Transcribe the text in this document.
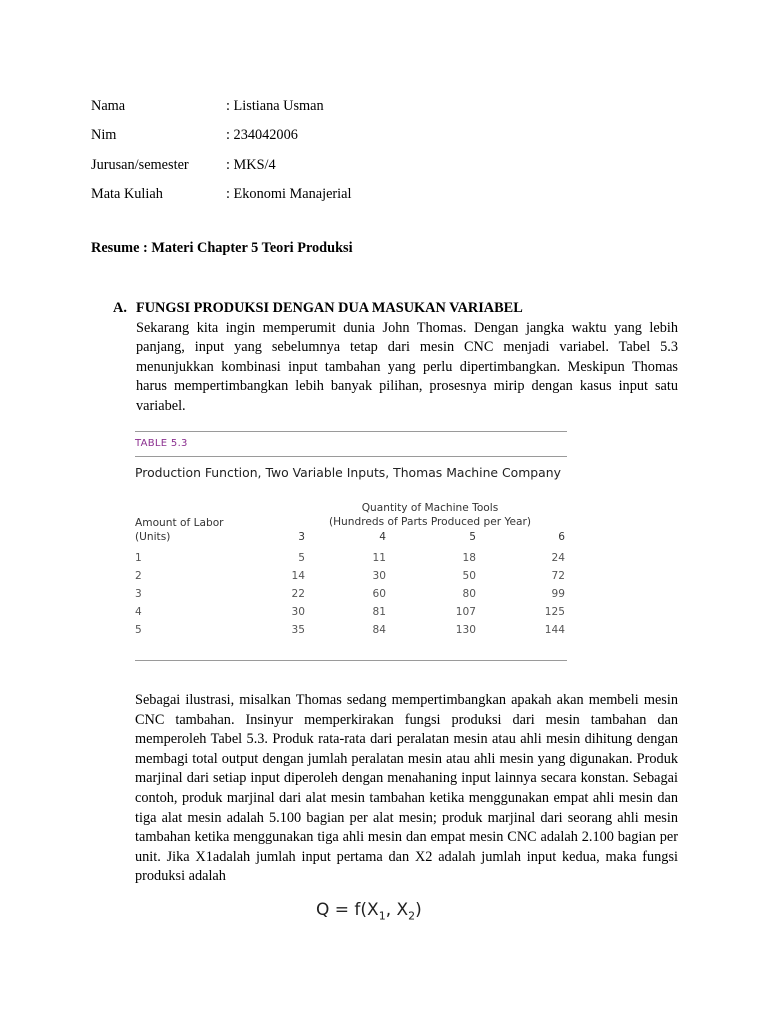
Nama	: Listiana Usman
Nim	: 234042006
Jurusan/semester	: MKS/4
Mata Kuliah	: Ekonomi Manajerial
Resume : Materi Chapter 5 Teori Produksi
A. FUNGSI PRODUKSI DENGAN DUA MASUKAN VARIABEL

Sekarang kita ingin memperumit dunia John Thomas. Dengan jangka waktu yang lebih panjang, input yang sebelumnya tetap dari mesin CNC menjadi variabel. Tabel 5.3 menunjukkan kombinasi input tambahan yang perlu dipertimbangkan. Meskipun Thomas harus mempertimbangkan lebih banyak pilihan, prosesnya mirip dengan kasus input satu variabel.

TABLE 5.3
Production Function, Two Variable Inputs, Thomas Machine Company
Quantity of Machine Tools
(Hundreds of Parts Produced per Year)
Amount of Labor
(Units)	3	4	5	6
1	5	11	18	24
2	14	30	50	72
3	22	60	80	99
4	30	81	107	125
5	35	84	130	144

Sebagai ilustrasi, misalkan Thomas sedang mempertimbangkan apakah akan membeli mesin CNC tambahan. Insinyur memperkirakan fungsi produksi dari mesin tambahan dan memperoleh Tabel 5.3. Produk rata-rata dari peralatan mesin atau ahli mesin dihitung dengan membagi total output dengan jumlah peralatan mesin atau ahli mesin yang digunakan. Produk marjinal dari setiap input diperoleh dengan menahaning input lainnya secara konstan. Sebagai contoh, produk marjinal dari alat mesin tambahan ketika menggunakan empat ahli mesin dan tiga alat mesin adalah 5.100 bagian per alat mesin; produk marjinal dari seorang ahli mesin tambahan ketika menggunakan tiga ahli mesin dan empat mesin CNC adalah 2.100 bagian per unit. Jika X1adalah jumlah input pertama dan X2 adalah jumlah input kedua, maka fungsi produksi adalah

$Q = f(X_1$, $X_2$)
